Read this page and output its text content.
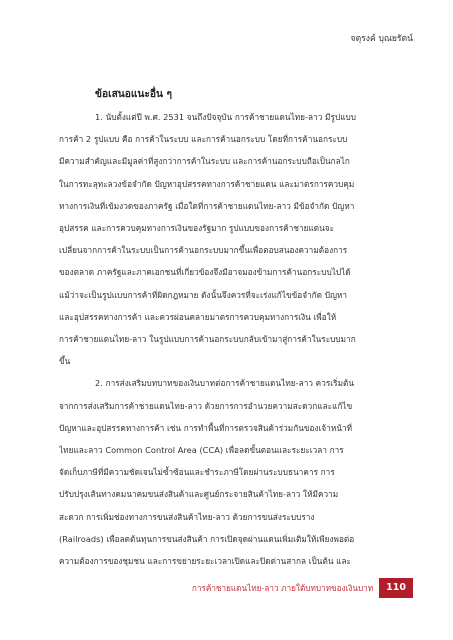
จตุรงค์ บุณยรัตน์
ข้อเสนอแนะอื่น ๆ
1. นับตั้งแต่ปี พ.ศ. 2531 จนถึงปัจจุบัน การค้าชายแดนไทย-ลาว มีรูปแบบ
การค้า 2 รูปแบบ คือ การค้าในระบบ และการค้านอกระบบ โดยที่การค้านอกระบบ
มีความสำคัญและมีมูลค่าที่สูงกว่าการค้าในระบบ และการค้านอกระบบถือเป็นกลไก
ในการทะลุทะลวงข้อจำกัด ปัญหาอุปสรรคทางการค้าชายแดน และมาตรการควบคุม
ทางการเงินที่เข้มงวดของภาครัฐ เมื่อใดที่การค้าชายแดนไทย-ลาว มีข้อจำกัด ปัญหา
อุปสรรค และการควบคุมทางการเงินของรัฐมาก รูปแบบของการค้าชายแดนจะ
เปลี่ยนจากการค้าในระบบเป็นการค้านอกระบบมากขึ้นเพื่อตอบสนองความต้องการ
ของตลาด ภาครัฐและภาคเอกชนที่เกี่ยวข้องจึงมีอาจมองข้ามการค้านอกระบบไปได้
แม้ว่าจะเป็นรูปแบบการค้าที่ผิดกฎหมาย ดังนั้นจึงควรที่จะเร่งแก้ไขข้อจำกัด ปัญหา
และอุปสรรคทางการค้า และควรผ่อนคลายมาตรการควบคุมทางการเงิน เพื่อให้
การค้าชายแดนไทย-ลาว ในรูปแบบการค้านอกระบบกลับเข้ามาสู่การค้าในระบบมาก
ขึ้น
2. การส่งเสริมบทบาทของเงินบาทต่อการค้าชายแดนไทย-ลาว ควรเริ่มต้น
จากการส่งเสริมการค้าชายแดนไทย-ลาว ด้วยการการอำนวยความสะดวกและแก้ไข
ปัญหาและอุปสรรคทางการค้า เช่น การทำพื้นที่การตรวจสินค้าร่วมกันของเจ้าหน้าที่
ไทยและลาว Common Control Area (CCA) เพื่อลดขั้นตอนและระยะเวลา การ
จัดเก็บภาษีที่มีความชัดเจนไม่ซ้ำซ้อนและชำระภาษีโดยผ่านระบบธนาคาร การ
ปรับปรุงเส้นทางคมนาคมขนส่งสินค้าและศูนย์กระจายสินค้าไทย-ลาว ให้มีความ
สะดวก การเพิ่มช่องทางการขนส่งสินค้าไทย-ลาว ด้วยการขนส่งระบบราง
(Railroads) เพื่อลดต้นทุนการขนส่งสินค้า การเปิดจุดผ่านแดนเพิ่มเติมให้เพียงพอต่อ
ความต้องการของชุมชน และการขยายระยะเวลาเปิดและปิดด่านสากล เป็นต้น และ
การค้าชายแดนไทย-ลาว ภายใต้บทบาทของเงินบาท	110
